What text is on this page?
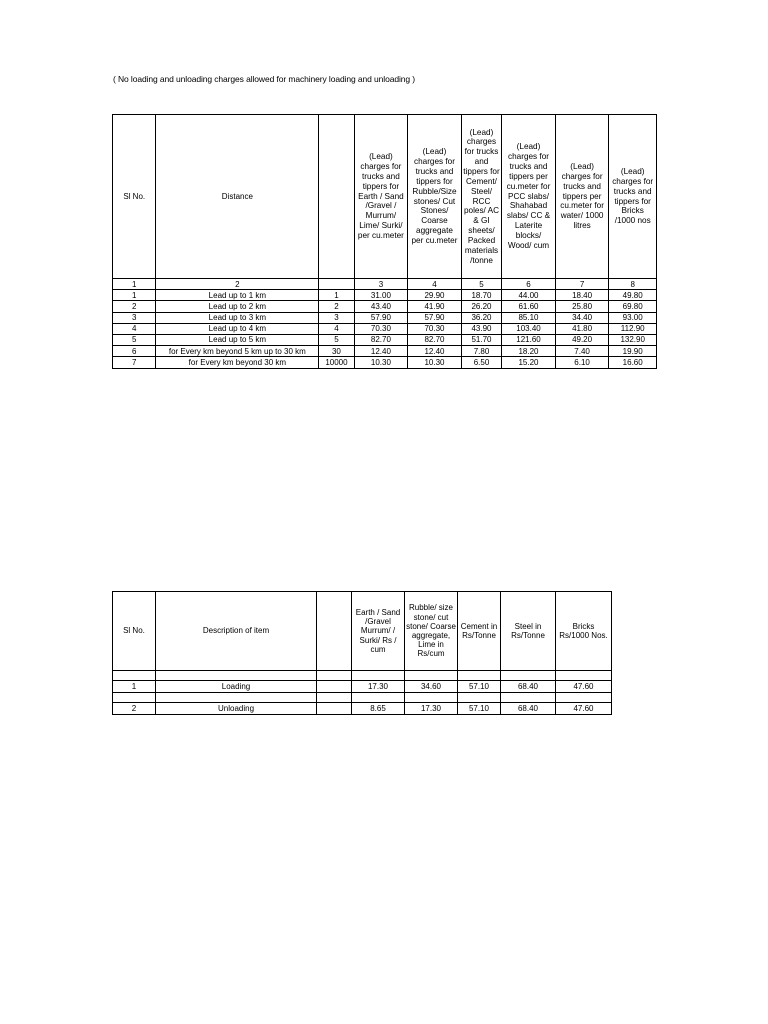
( No loading and unloading charges allowed for machinery loading and unloading )
Sl No.	Distance		(Lead) charges for trucks and tippers for Earth / Sand /Gravel / Murrum/ Lime/ Surki/ per cu.meter	(Lead) charges for trucks and tippers for Rubble/Size stones/ Cut Stones/ Coarse aggregate per cu.meter	(Lead) charges for trucks and tippers for Cement/ Steel/ RCC poles/ AC & GI sheets/ Packed materials /tonne	(Lead) charges for trucks and tippers per cu.meter for PCC slabs/ Shahabad slabs/ CC & Laterite blocks/ Wood/ cum	(Lead) charges for trucks and tippers per cu.meter for water/ 1000 litres	(Lead) charges for trucks and tippers for Bricks /1000 nos
1	2		3	4	5	6	7	8
1	Lead up to 1 km	1	31.00	29.90	18.70	44.00	18.40	49.80
2	Lead up to 2 km	2	43.40	41.90	26.20	61.60	25.80	69.80
3	Lead up to 3 km	3	57.90	57.90	36.20	85.10	34.40	93.00
4	Lead up to 4 km	4	70.30	70.30	43.90	103.40	41.80	112.90
5	Lead up to 5 km	5	82.70	82.70	51.70	121.60	49.20	132.90
6	for Every km beyond 5 km up to 30 km	30	12.40	12.40	7.80	18.20	7.40	19.90
7	for Every km beyond 30 km	10000	10.30	10.30	6.50	15.20	6.10	16.60
Sl No.	Description of item		Earth / Sand /Gravel Murrum/ / Surki/ Rs / cum	Rubble/ size stone/ cut stone/ Coarse aggregate, Lime in Rs/cum	Cement in Rs/Tonne	Steel in Rs/Tonne	Bricks Rs/1000 Nos.

1	Loading		17.30	34.60	57.10	68.40	47.60

2	Unloading		8.65	17.30	57.10	68.40	47.60
